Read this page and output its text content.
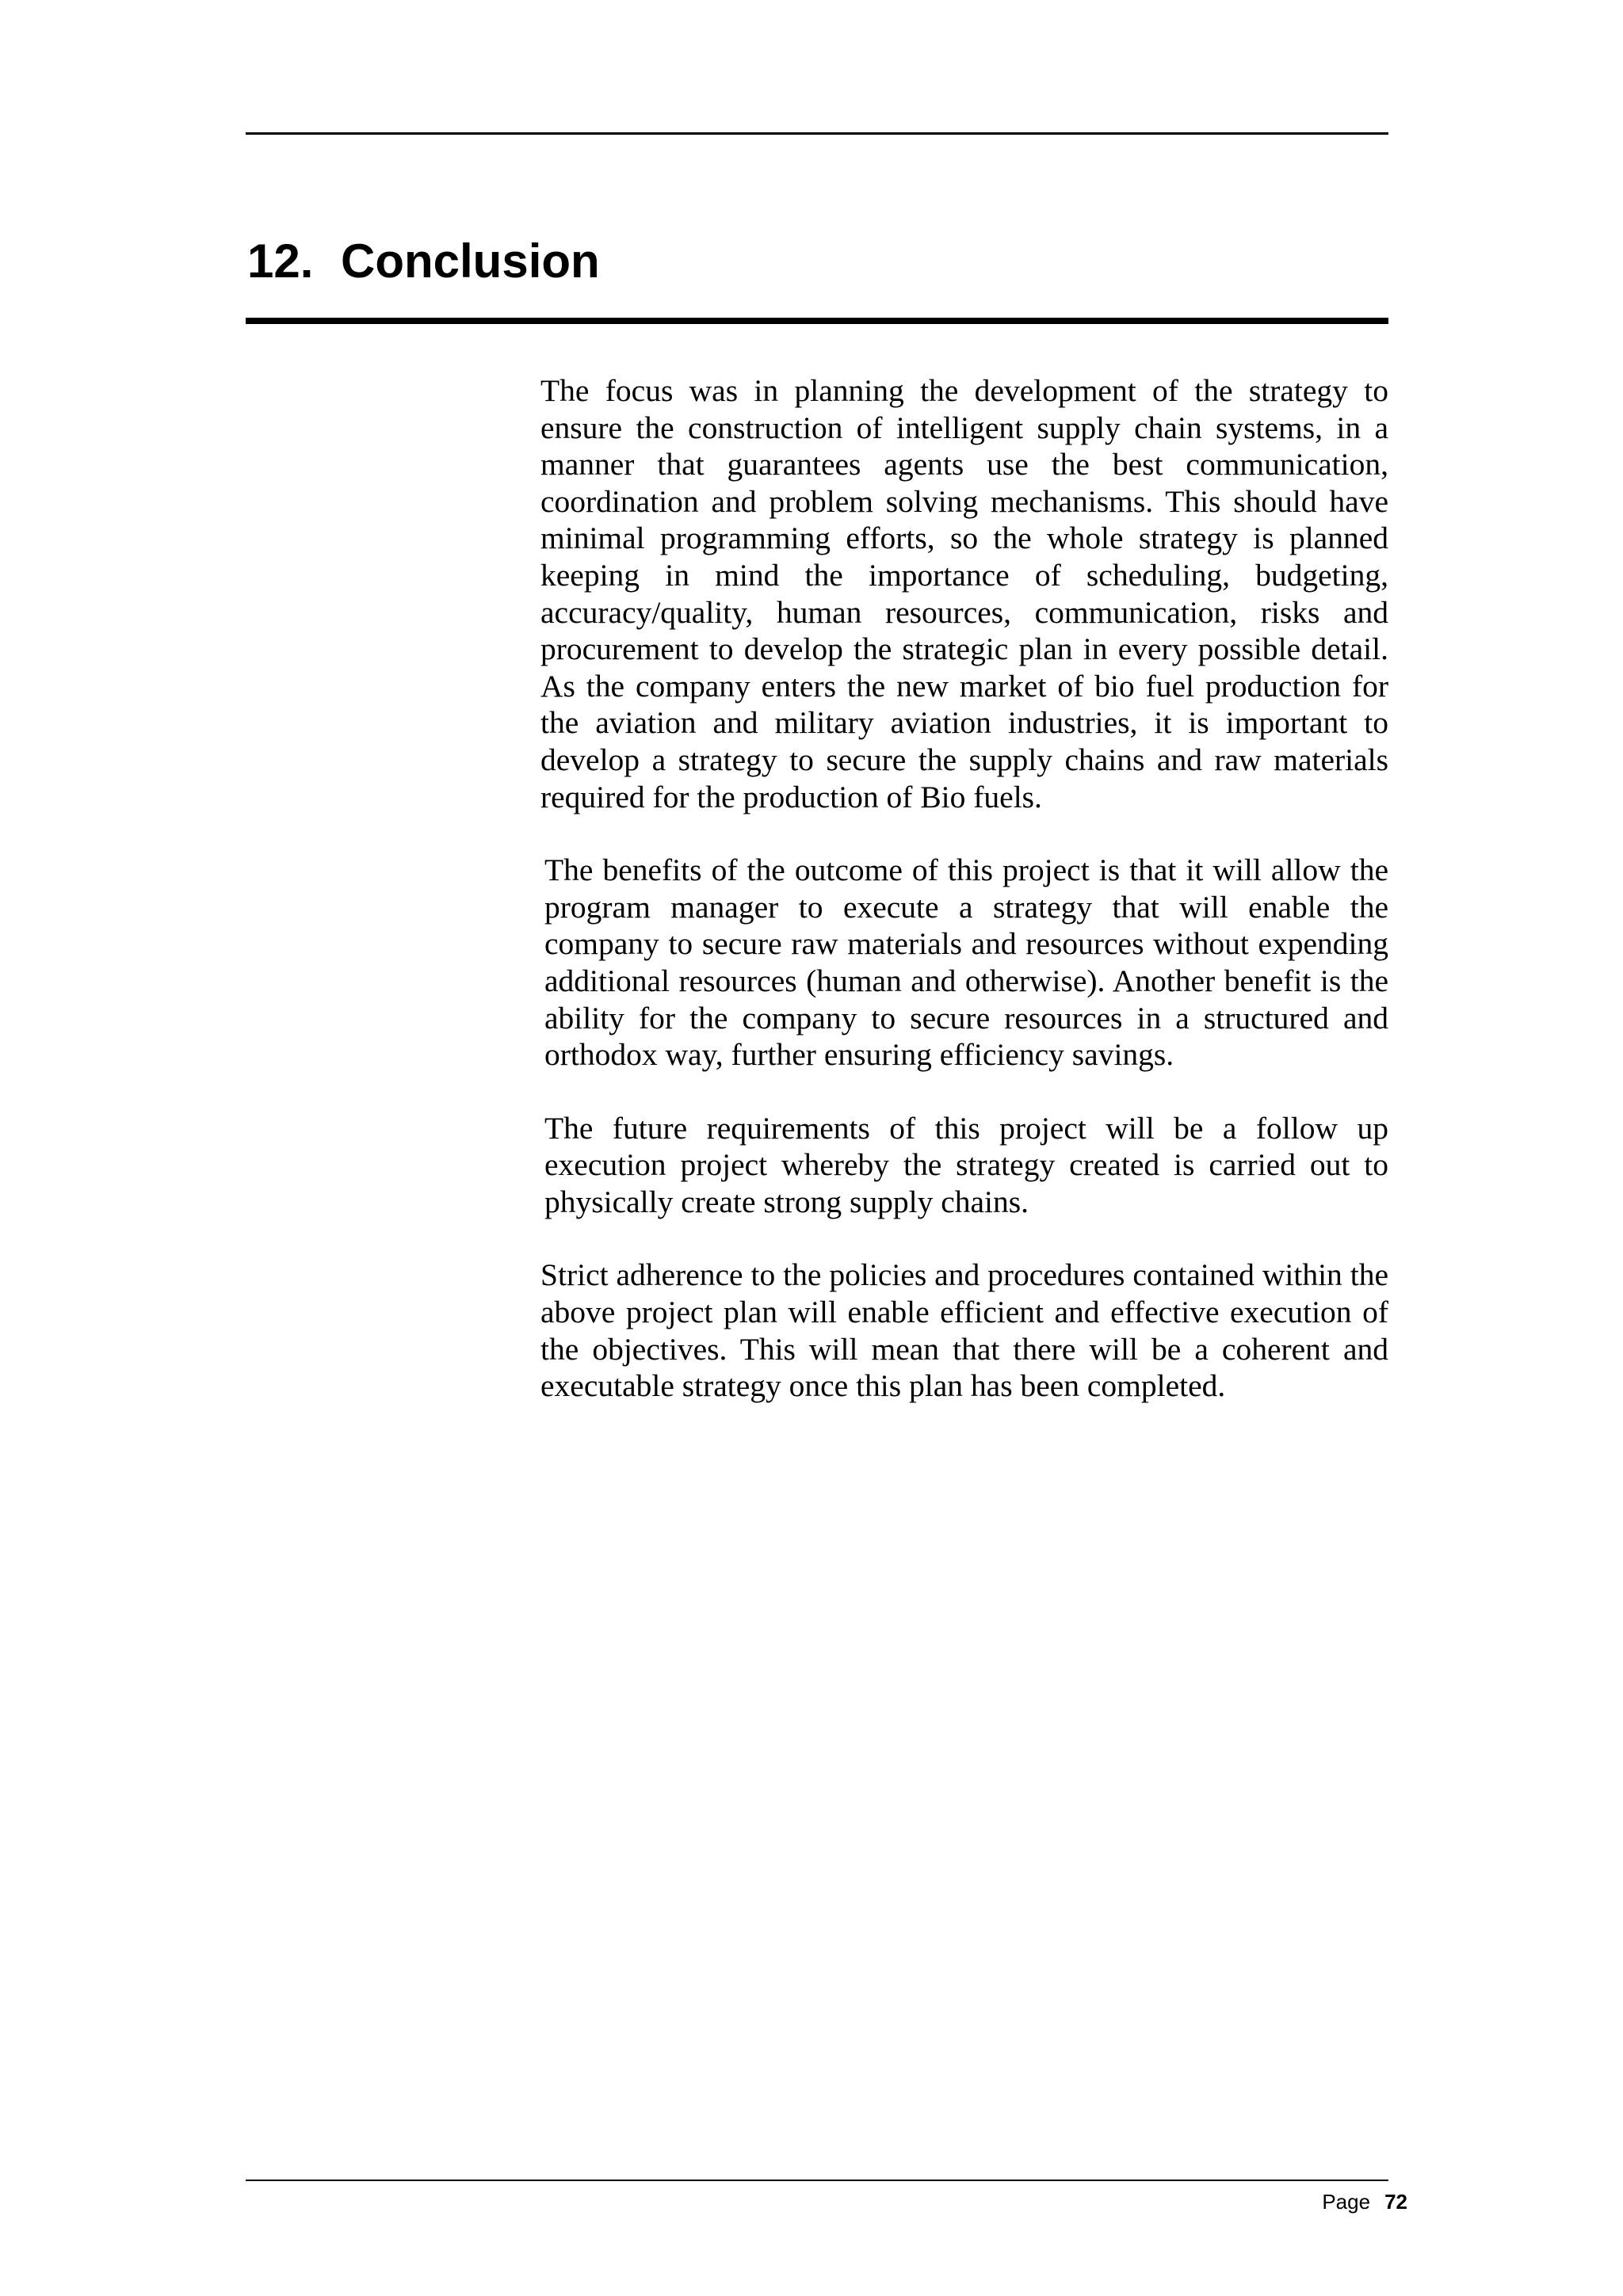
12. Conclusion

The focus was in planning the development of the strategy to ensure the construction of intelligent supply chain systems, in a manner that guarantees agents use the best communication, coordination and problem solving mechanisms. This should have minimal programming efforts, so the whole strategy is planned keeping in mind the importance of scheduling, budgeting, accuracy/quality, human resources, communication, risks and procurement to develop the strategic plan in every possible detail. As the company enters the new market of bio fuel production for the aviation and military aviation industries, it is important to develop a strategy to secure the supply chains and raw materials required for the production of Bio fuels.

The benefits of the outcome of this project is that it will allow the program manager to execute a strategy that will enable the company to secure raw materials and resources without expending additional resources (human and otherwise). Another benefit is the ability for the company to secure resources in a structured and orthodox way, further ensuring efficiency savings.

The future requirements of this project will be a follow up execution project whereby the strategy created is carried out to physically create strong supply chains.

Strict adherence to the policies and procedures contained within the above project plan will enable efficient and effective execution of the objectives. This will mean that there will be a coherent and executable strategy once this plan has been completed.

Page 72
